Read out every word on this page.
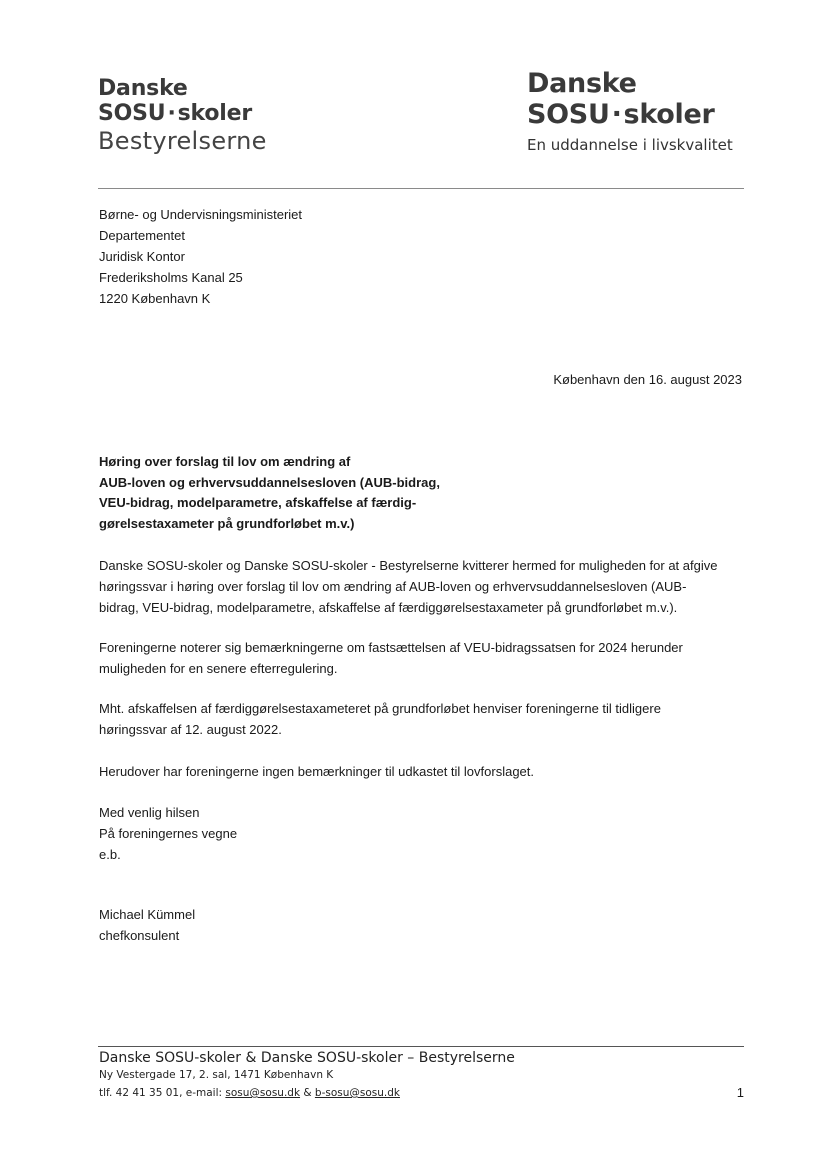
Danske
SOSU·skoler
Bestyrelserne
Danske
SOSU·skoler
En uddannelse i livskvalitet
Børne- og Undervisningsministeriet
Departementet
Juridisk Kontor
Frederiksholms Kanal 25
1220 København K
København den 16. august 2023
Høring over forslag til lov om ændring af
AUB-loven og erhvervsuddannelsesloven (AUB-bidrag,
VEU-bidrag, modelparametre, afskaffelse af færdig-
gørelsestaxameter på grundforløbet m.v.)
Danske SOSU-skoler og Danske SOSU-skoler - Bestyrelserne kvitterer hermed for muligheden for at afgive
høringssvar i høring over forslag til lov om ændring af AUB-loven og erhvervsuddannelsesloven (AUB-
bidrag, VEU-bidrag, modelparametre, afskaffelse af færdiggørelsestaxameter på grundforløbet m.v.).
Foreningerne noterer sig bemærkningerne om fastsættelsen af VEU-bidragssatsen for 2024 herunder
muligheden for en senere efterregulering.
Mht. afskaffelsen af færdiggørelsestaxameteret på grundforløbet henviser foreningerne til tidligere
høringssvar af 12. august 2022.
Herudover har foreningerne ingen bemærkninger til udkastet til lovforslaget.
Med venlig hilsen
På foreningernes vegne
e.b.
Michael Kümmel
chefkonsulent
Danske SOSU-skoler & Danske SOSU-skoler – Bestyrelserne
Ny Vestergade 17, 2. sal, 1471 København K
tlf. 42 41 35 01, e-mail: sosu@sosu.dk & b-sosu@sosu.dk	1
